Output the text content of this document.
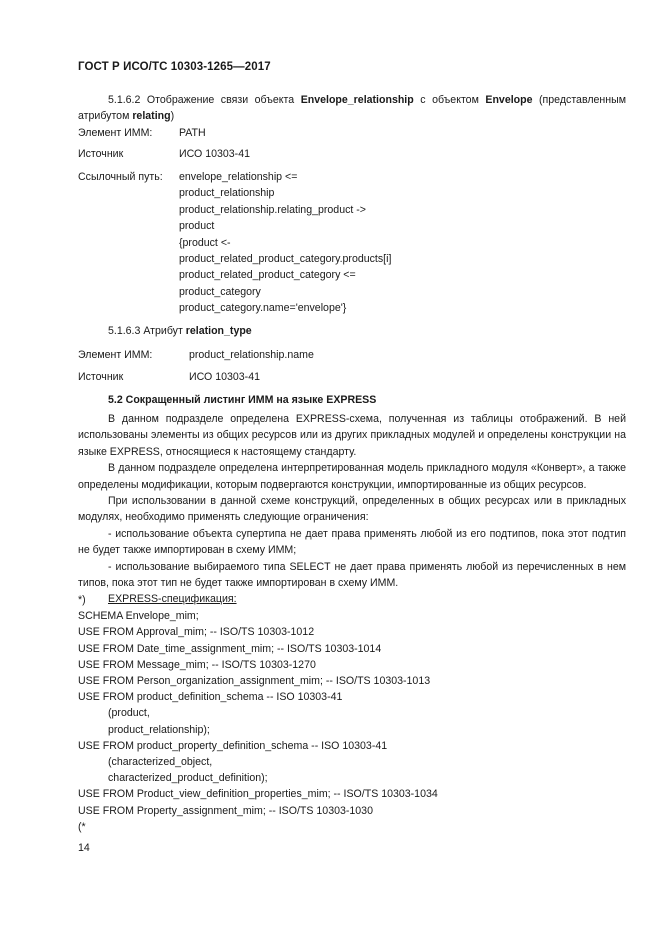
ГОСТ Р ИСО/ТС 10303-1265—2017
5.1.6.2 Отображение связи объекта Envelope_relationship с объектом Envelope (представленным атрибутом relating)
Элемент ИММ:	PATH
Источник	ИСО 10303-41
Ссылочный путь: envelope_relationship <=
product_relationship
product_relationship.relating_product ->
product
{product <-
product_related_product_category.products[i]
product_related_product_category <=
product_category
product_category.name='envelope'}
5.1.6.3 Атрибут relation_type
Элемент ИММ:	product_relationship.name
Источник	ИСО 10303-41
5.2 Сокращенный листинг ИММ на языке EXPRESS

В данном подразделе определена EXPRESS-схема, полученная из таблицы отображений. В ней использованы элементы из общих ресурсов или из других прикладных модулей и определены конструкции на языке EXPRESS, относящиеся к настоящему стандарту.

В данном подразделе определена интерпретированная модель прикладного модуля «Конверт», а также определены модификации, которым подвергаются конструкции, импортированные из общих ресурсов.

При использовании в данной схеме конструкций, определенных в общих ресурсах или в прикладных модулях, необходимо применять следующие ограничения:

- использование объекта супертипа не дает права применять любой из его подтипов, пока этот подтип не будет также импортирован в схему ИММ;

- использование выбираемого типа SELECT не дает права применять любой из перечисленных в нем типов, пока этот тип не будет также импортирован в схему ИММ.

EXPRESS-спецификация:

*)
SCHEMA Envelope_mim;
USE FROM Approval_mim; -- ISO/TS 10303-1012
USE FROM Date_time_assignment_mim; -- ISO/TS 10303-1014
USE FROM Message_mim; -- ISO/TS 10303-1270
USE FROM Person_organization_assignment_mim; -- ISO/TS 10303-1013
USE FROM product_definition_schema -- ISO 10303-41
(product,
product_relationship);
USE FROM product_property_definition_schema -- ISO 10303-41
(characterized_object,
characterized_product_definition);
USE FROM Product_view_definition_properties_mim; -- ISO/TS 10303-1034
USE FROM Property_assignment_mim; -- ISO/TS 10303-1030
(*
14
